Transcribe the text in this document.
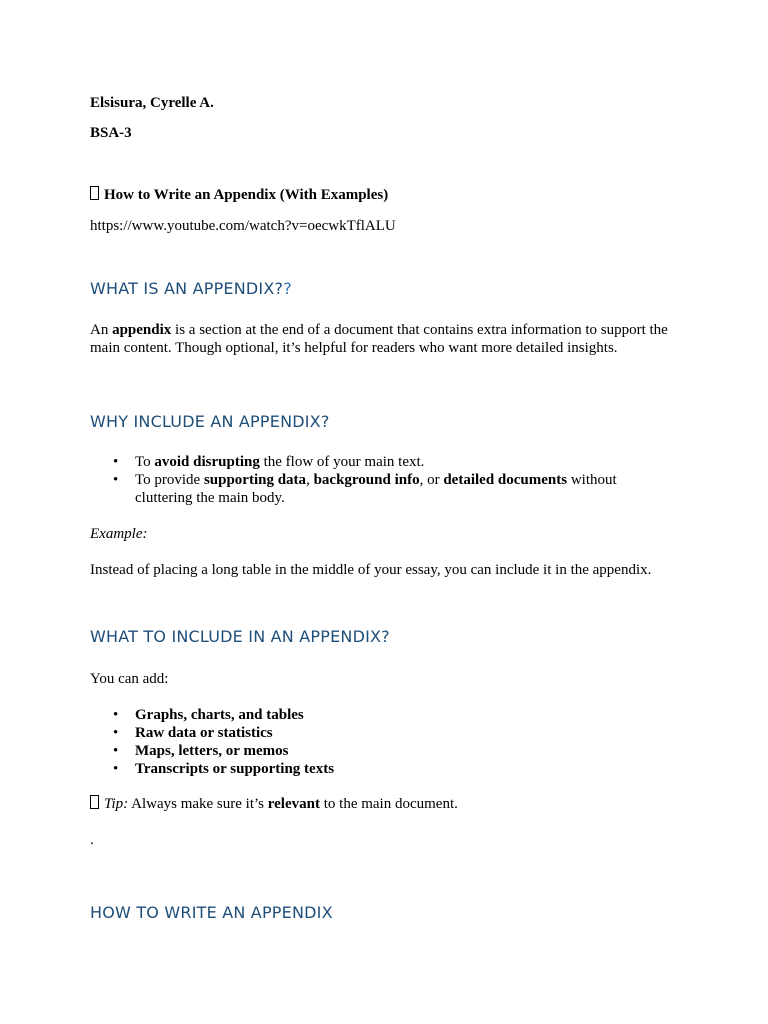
Elsisura, Cyrelle A.
BSA-3
How to Write an Appendix (With Examples)
https://www.youtube.com/watch?v=oecwkTflALU
WHAT IS AN APPENDIX??
An appendix is a section at the end of a document that contains extra information to support the main content. Though optional, it’s helpful for readers who want more detailed insights.
WHY INCLUDE AN APPENDIX?
• To avoid disrupting the flow of your main text.
• To provide supporting data, background info, or detailed documents without cluttering the main body.
Example:
Instead of placing a long table in the middle of your essay, you can include it in the appendix.
WHAT TO INCLUDE IN AN APPENDIX?
You can add:
• Graphs, charts, and tables
• Raw data or statistics
• Maps, letters, or memos
• Transcripts or supporting texts
Tip: Always make sure it’s relevant to the main document.
.
HOW TO WRITE AN APPENDIX
